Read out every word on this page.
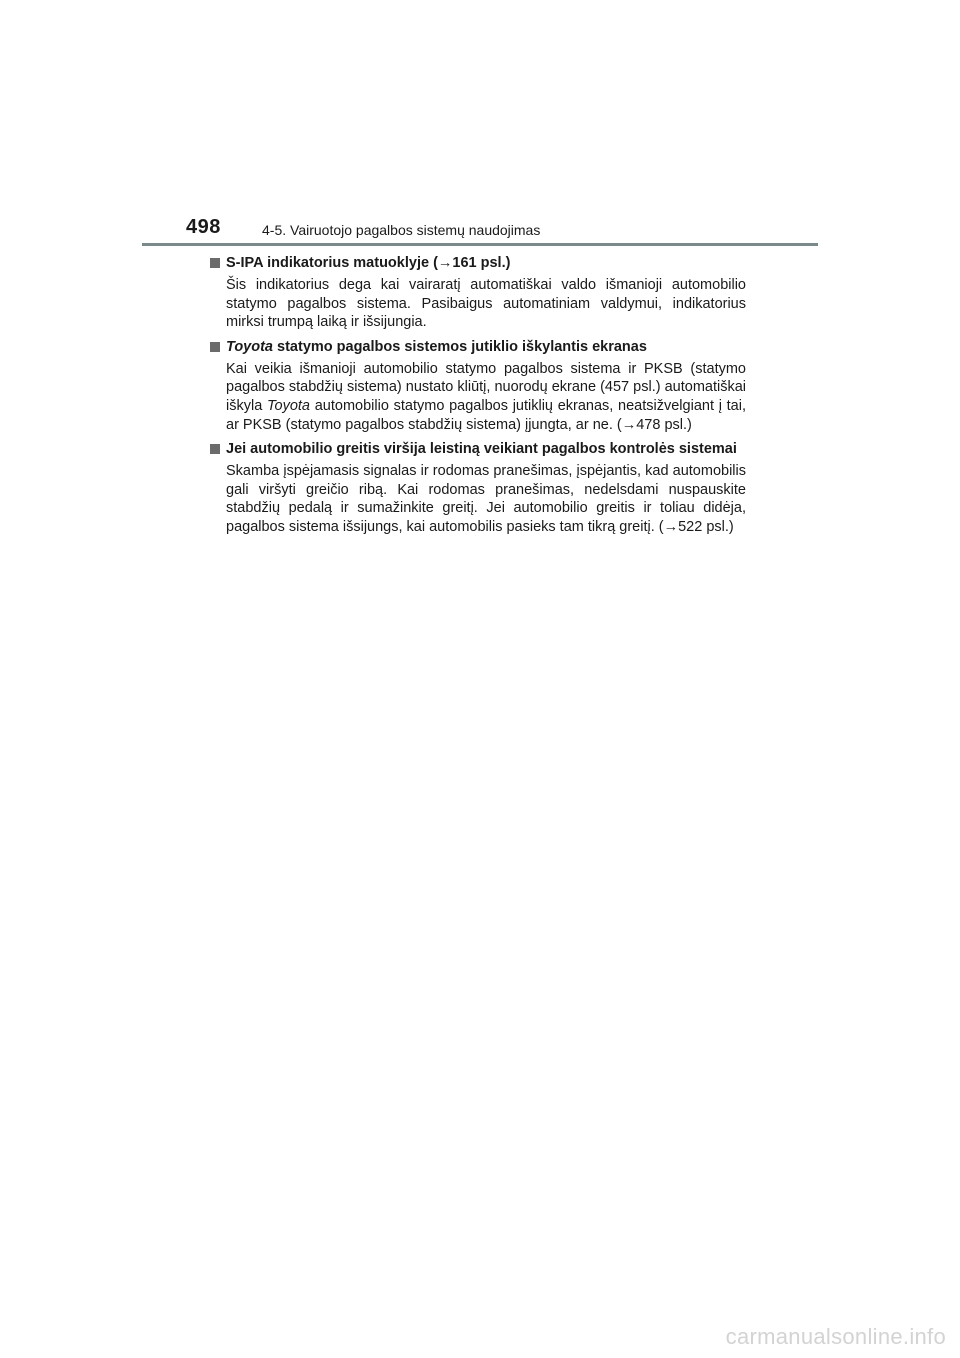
498	4-5. Vairuotojo pagalbos sistemų naudojimas
S-IPA indikatorius matuoklyje (→161 psl.)
Šis indikatorius dega kai vairaratį automatiškai valdo išmanioji automobilio statymo pagalbos sistema. Pasibaigus automatiniam valdymui, indikatorius mirksi trumpą laiką ir išsijungia.
Toyota statymo pagalbos sistemos jutiklio iškylantis ekranas
Kai veikia išmanioji automobilio statymo pagalbos sistema ir PKSB (statymo pagalbos stabdžių sistema) nustato kliūtį, nuorodų ekrane (457 psl.) automatiškai iškyla Toyota automobilio statymo pagalbos jutiklių ekranas, neatsižvelgiant į tai, ar PKSB (statymo pagalbos stabdžių sistema) įjungta, ar ne. (→478 psl.)
Jei automobilio greitis viršija leistiną veikiant pagalbos kontrolės sistemai
Skamba įspėjamasis signalas ir rodomas pranešimas, įspėjantis, kad automobilis gali viršyti greičio ribą. Kai rodomas pranešimas, nedelsdami nuspauskite stabdžių pedalą ir sumažinkite greitį. Jei automobilio greitis ir toliau didėja, pagalbos sistema išsijungs, kai automobilis pasieks tam tikrą greitį. (→522 psl.)
carmanualsonline.info
